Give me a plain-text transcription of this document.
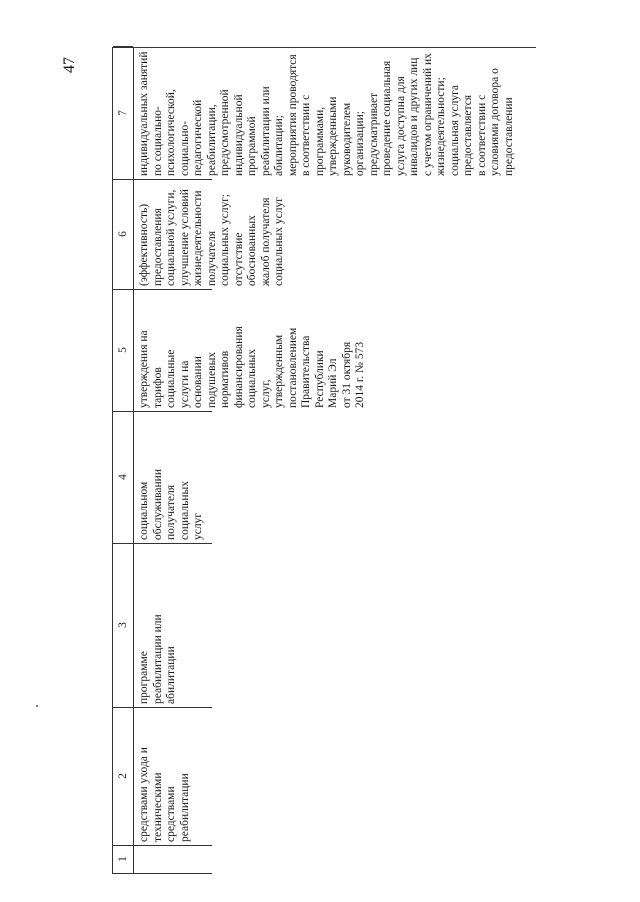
47
1
2
3
4
5
6
7
средствами ухода и техническими средствами реабилитации
программе реабилитации или абилитации
социальном обслуживании получателя социальных услуг
утверждения на тарифов социальные услуги на основании подушевых нормативов финансирования социальных услуг, утвержденным постановлением Правительства Республики Марий Эл от 31 октября 2014 г. № 573
(эффективность) предоставления социальной услуги, улучшение условий жизнедеятельности получателя социальных услуг; отсутствие обоснованных жалоб получателя социальных услуг
индивидуальных занятий по социально- психологической, социально- педагогической реабилитации, предусмотренной индивидуальной программой реабилитации или абилитации; мероприятия проводятся в соответствии с программами, утвержденными руководителем организации; предусматривает проведение социальная услуга доступна для инвалидов и других лиц с учетом ограничений их жизнедеятельности; социальная услуга предоставляется в соответствии с условиями договора о предоставлении
